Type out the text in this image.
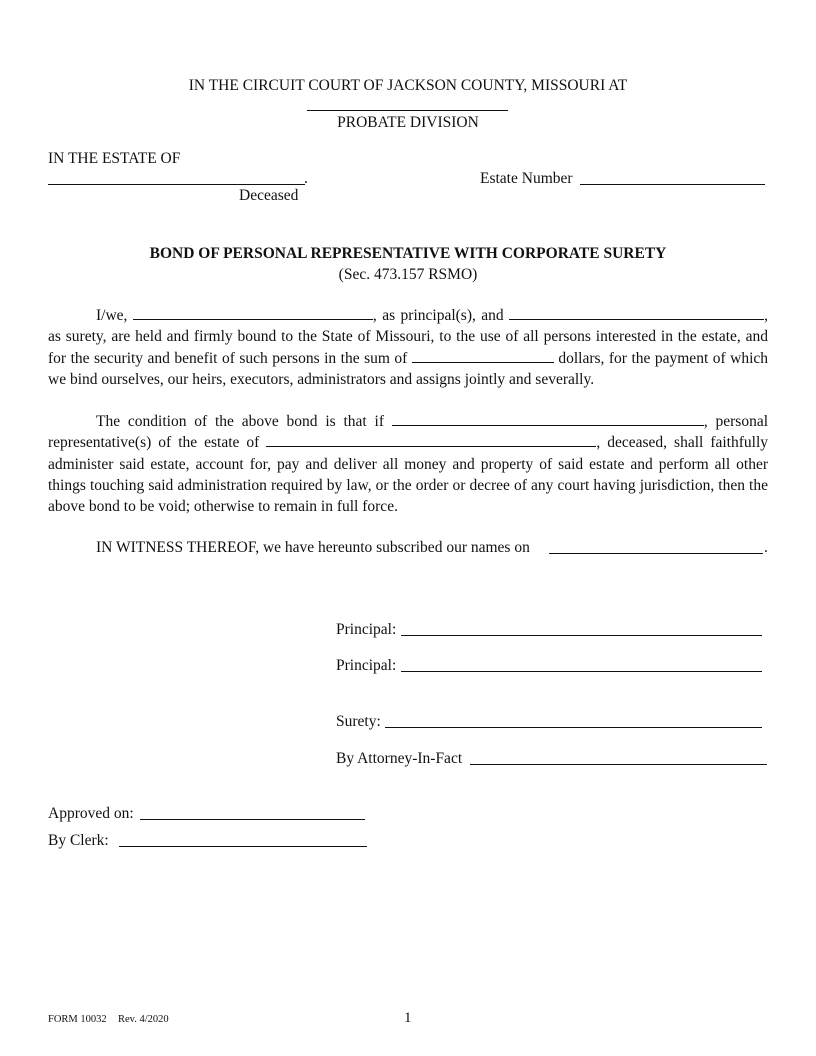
IN THE CIRCUIT COURT OF JACKSON COUNTY, MISSOURI AT
PROBATE DIVISION
IN THE ESTATE OF
.
Deceased
Estate Number
BOND OF PERSONAL REPRESENTATIVE WITH CORPORATE SURETY
(Sec. 473.157 RSMO)
I/we,	, as principal(s), and	, as surety, are held and firmly bound to the State of Missouri, to the use of all persons interested in the estate, and for the security and benefit of such persons in the sum of	dollars, for the payment of which we bind ourselves, our heirs, executors, administrators and assigns jointly and severally.
The condition of the above bond is that if	, personal representative(s) of the estate of	, deceased, shall faithfully administer said estate, account for, pay and deliver all money and property of said estate and perform all other things touching said administration required by law, or the order or decree of any court having jurisdiction, then the above bond to be void; otherwise to remain in full force.
IN WITNESS THEREOF, we have hereunto subscribed our names on	.
Principal:
Principal:
Surety:
By Attorney-In-Fact
Approved on:
By Clerk:
FORM 10032 Rev. 4/2020	1
